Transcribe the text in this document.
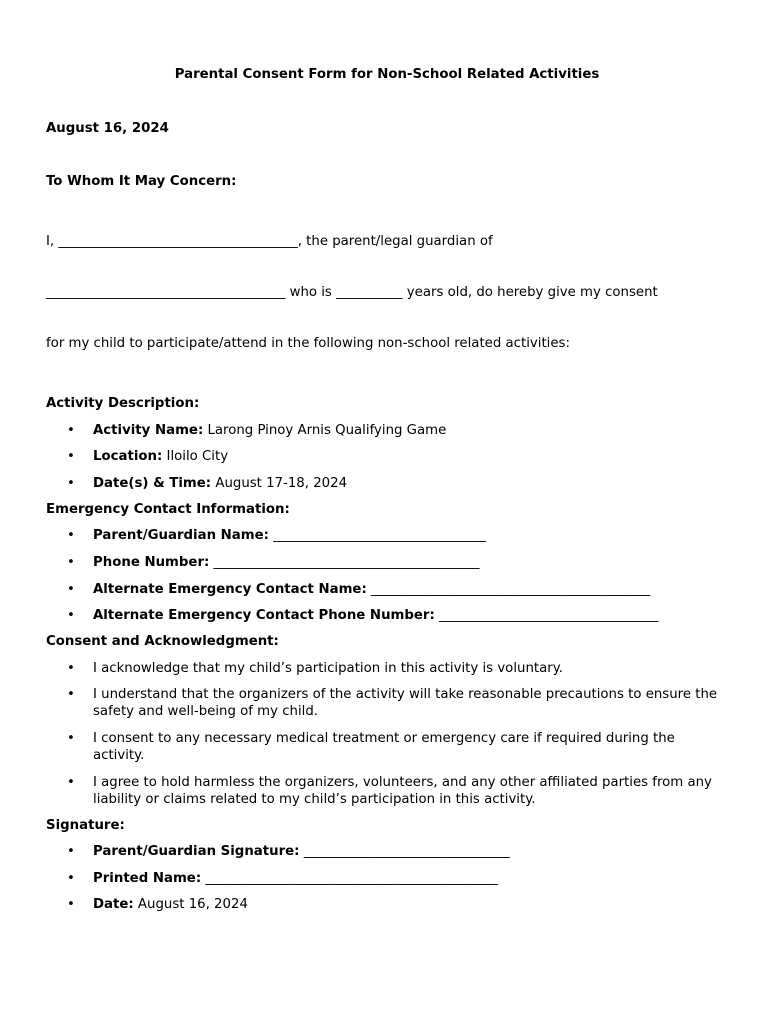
Parental Consent Form for Non-School Related Activities

August 16, 2024

To Whom It May Concern:

I, ____________________________________, the parent/legal guardian of

____________________________________ who is __________ years old, do hereby give my consent

for my child to participate/attend in the following non-school related activities:

Activity Description:

• Activity Name: Larong Pinoy Arnis Qualifying Game
• Location: Iloilo City
• Date(s) & Time: August 17-18, 2024

Emergency Contact Information:

• Parent/Guardian Name: ________________________________
• Phone Number: ________________________________________
• Alternate Emergency Contact Name: __________________________________________
• Alternate Emergency Contact Phone Number: _________________________________

Consent and Acknowledgment:

• I acknowledge that my child’s participation in this activity is voluntary.
• I understand that the organizers of the activity will take reasonable precautions to ensure the safety and well-being of my child.
• I consent to any necessary medical treatment or emergency care if required during the activity.
• I agree to hold harmless the organizers, volunteers, and any other affiliated parties from any liability or claims related to my child’s participation in this activity.

Signature:

• Parent/Guardian Signature: _______________________________
• Printed Name: ____________________________________________
• Date: August 16, 2024
